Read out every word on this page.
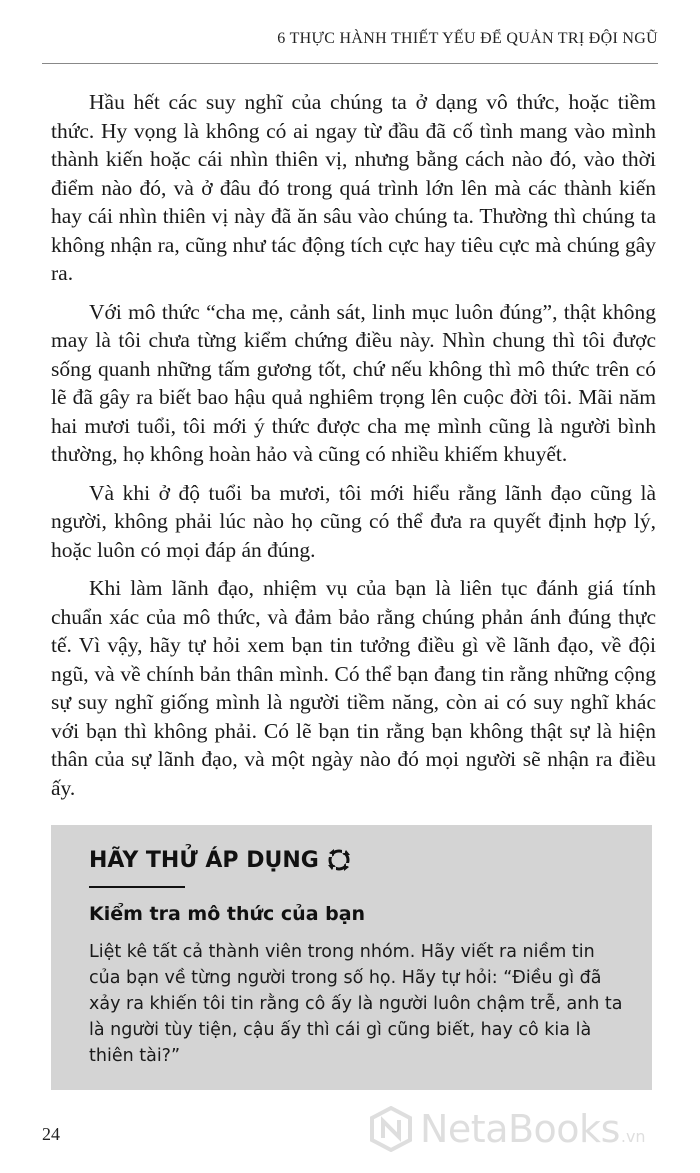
6 THỰC HÀNH THIẾT YẾU ĐỂ QUẢN TRỊ ĐỘI NGŨ

Hầu hết các suy nghĩ của chúng ta ở dạng vô thức, hoặc tiềm thức. Hy vọng là không có ai ngay từ đầu đã cố tình mang vào mình thành kiến hoặc cái nhìn thiên vị, nhưng bằng cách nào đó, vào thời điểm nào đó, và ở đâu đó trong quá trình lớn lên mà các thành kiến hay cái nhìn thiên vị này đã ăn sâu vào chúng ta. Thường thì chúng ta không nhận ra, cũng như tác động tích cực hay tiêu cực mà chúng gây ra.

Với mô thức “cha mẹ, cảnh sát, linh mục luôn đúng”, thật không may là tôi chưa từng kiểm chứng điều này. Nhìn chung thì tôi được sống quanh những tấm gương tốt, chứ nếu không thì mô thức trên có lẽ đã gây ra biết bao hậu quả nghiêm trọng lên cuộc đời tôi. Mãi năm hai mươi tuổi, tôi mới ý thức được cha mẹ mình cũng là người bình thường, họ không hoàn hảo và cũng có nhiều khiếm khuyết.

Và khi ở độ tuổi ba mươi, tôi mới hiểu rằng lãnh đạo cũng là người, không phải lúc nào họ cũng có thể đưa ra quyết định hợp lý, hoặc luôn có mọi đáp án đúng.

Khi làm lãnh đạo, nhiệm vụ của bạn là liên tục đánh giá tính chuẩn xác của mô thức, và đảm bảo rằng chúng phản ánh đúng thực tế. Vì vậy, hãy tự hỏi xem bạn tin tưởng điều gì về lãnh đạo, về đội ngũ, và về chính bản thân mình. Có thể bạn đang tin rằng những cộng sự suy nghĩ giống mình là người tiềm năng, còn ai có suy nghĩ khác với bạn thì không phải. Có lẽ bạn tin rằng bạn không thật sự là hiện thân của sự lãnh đạo, và một ngày nào đó mọi người sẽ nhận ra điều ấy.

HÃY THỬ ÁP DỤNG
Kiểm tra mô thức của bạn
Liệt kê tất cả thành viên trong nhóm. Hãy viết ra niềm tin của bạn về từng người trong số họ. Hãy tự hỏi: “Điều gì đã xảy ra khiến tôi tin rằng cô ấy là người luôn chậm trễ, anh ta là người tùy tiện, cậu ấy thì cái gì cũng biết, hay cô kia là thiên tài?”
24	NetaBooks .vn
